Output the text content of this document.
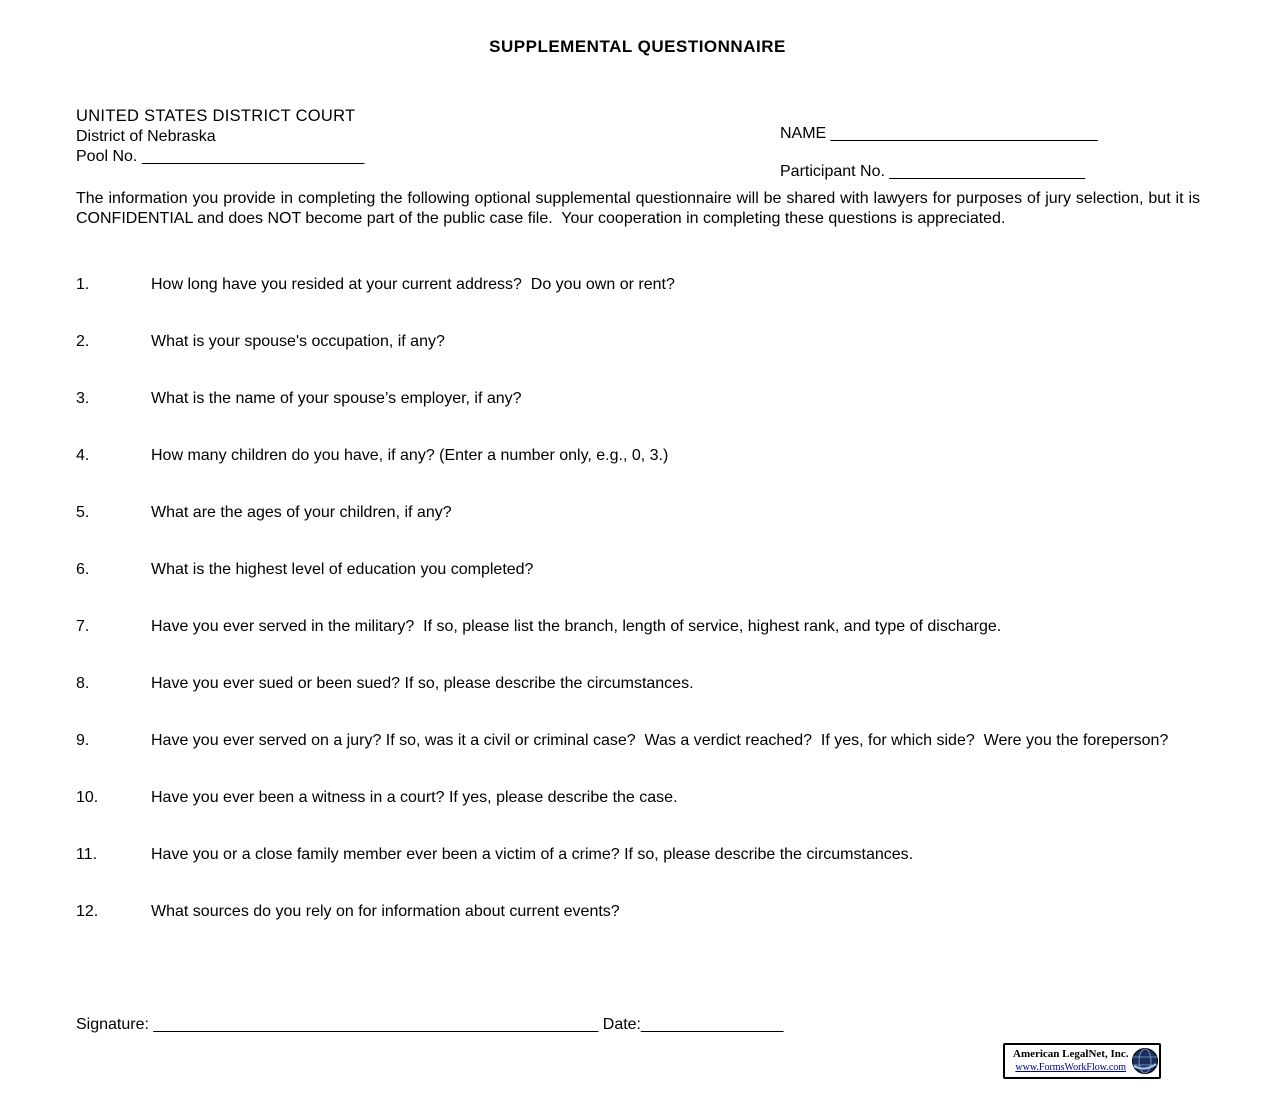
SUPPLEMENTAL QUESTIONNAIRE
UNITED STATES DISTRICT COURT
District of Nebraska
Pool No. _________________________
NAME ______________________________
Participant No. ______________________
The information you provide in completing the following optional supplemental questionnaire will be shared with lawyers for purposes of jury selection, but it is CONFIDENTIAL and does NOT become part of the public case file.  Your cooperation in completing these questions is appreciated.
1.	How long have you resided at your current address?  Do you own or rent?
2.	What is your spouse's occupation, if any?
3.	What is the name of your spouse’s employer, if any?
4.	How many children do you have, if any? (Enter a number only, e.g., 0, 3.)
5.	What are the ages of your children, if any?
6.	What is the highest level of education you completed?
7.	Have you ever served in the military?  If so, please list the branch, length of service, highest rank, and type of discharge.
8.	Have you ever sued or been sued? If so, please describe the circumstances.
9.	Have you ever served on a jury? If so, was it a civil or criminal case?  Was a verdict reached?  If yes, for which side?  Were you the foreperson?
10.	Have you ever been a witness in a court? If yes, please describe the case.
11.	Have you or a close family member ever been a victim of a crime? If so, please describe the circumstances.
12.	What sources do you rely on for information about current events?
Signature: __________________________________________________ Date:________________
American LegalNet, Inc.
www.FormsWorkFlow.com
